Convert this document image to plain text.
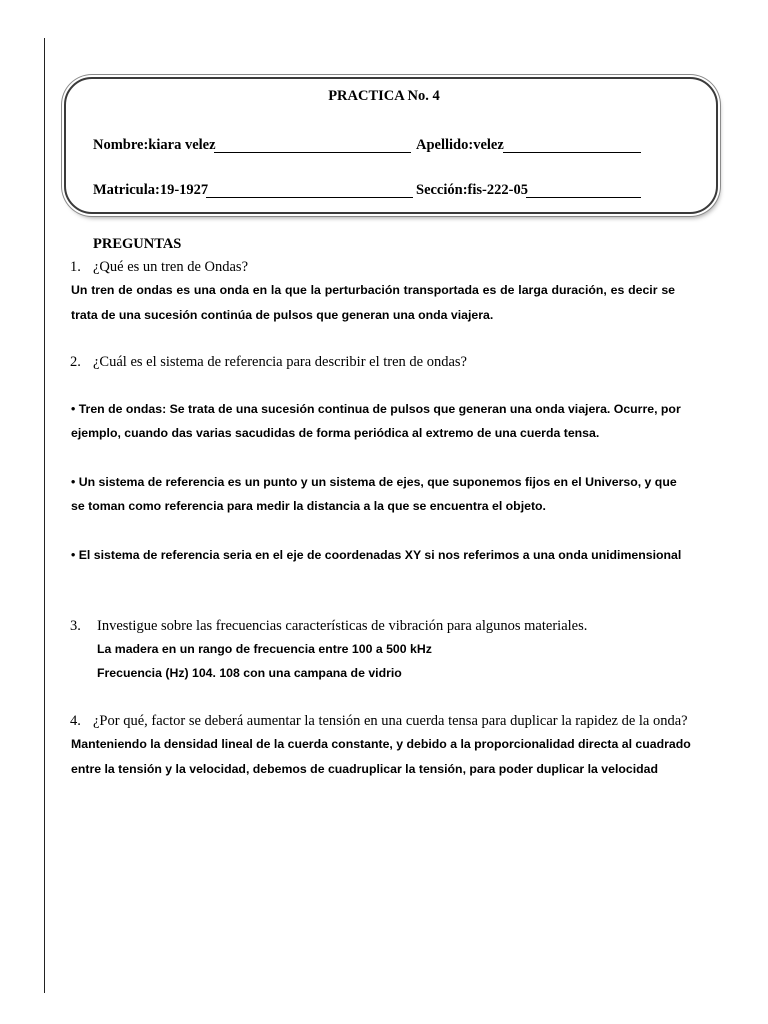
PRACTICA No. 4
Nombre:kiara velez	Apellido:velez
Matricula:19-1927	Sección:fis-222-05
PREGUNTAS
1. ¿Qué es un tren de Ondas?
Un tren de ondas es una onda en la que la perturbación transportada es de larga duración, es decir se
trata de una sucesión continúa de pulsos que generan una onda viajera.
2. ¿Cuál es el sistema de referencia para describir el tren de ondas?
• Tren de ondas: Se trata de una sucesión continua de pulsos que generan una onda viajera. Ocurre, por
ejemplo, cuando das varias sacudidas de forma periódica al extremo de una cuerda tensa.
• Un sistema de referencia es un punto y un sistema de ejes, que suponemos fijos en el Universo, y que
se toman como referencia para medir la distancia a la que se encuentra el objeto.
• El sistema de referencia seria en el eje de coordenadas XY si nos referimos a una onda unidimensional
3. Investigue sobre las frecuencias características de vibración para algunos materiales.
La madera en un rango de frecuencia entre 100 a 500 kHz
Frecuencia (Hz) 104. 108 con una campana de vidrio
4. ¿Por qué, factor se deberá aumentar la tensión en una cuerda tensa para duplicar la rapidez de la onda?
Manteniendo la densidad lineal de la cuerda constante, y debido a la proporcionalidad directa al cuadrado
entre la tensión y la velocidad, debemos de cuadruplicar la tensión, para poder duplicar la velocidad
